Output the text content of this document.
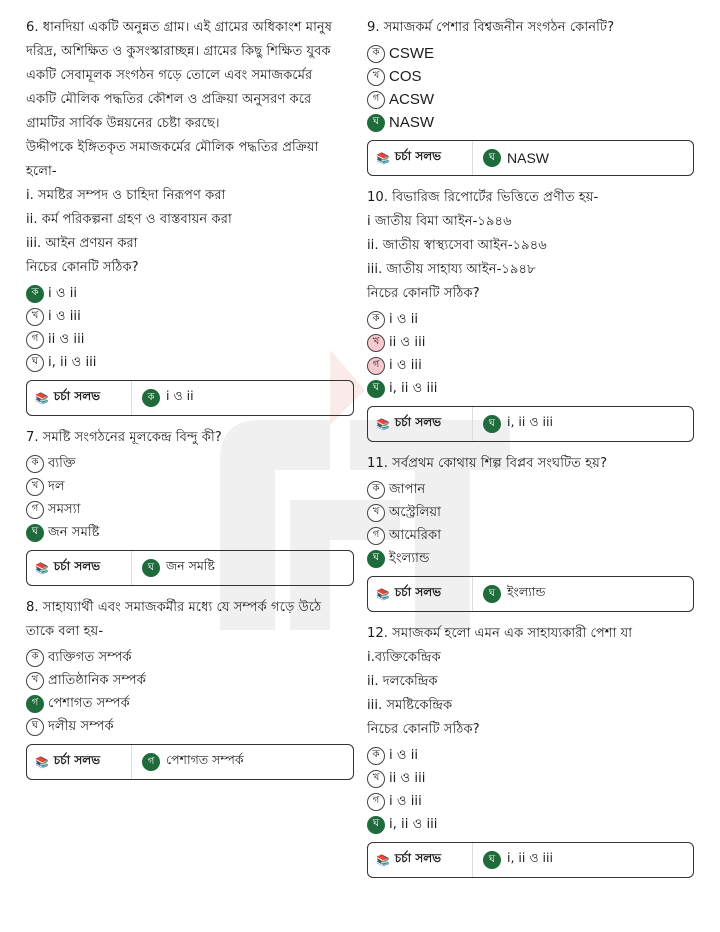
6. ধানদিয়া একটি অনুন্নত গ্রাম। এই গ্রামের অধিকাংশ মানুষ

দরিদ্র, অশিক্ষিত ও কুসংস্কারাচ্ছন্ন। গ্রামের কিছু শিক্ষিত যুবক

একটি সেবামূলক সংগঠন গড়ে তোলে এবং সমাজকর্মের

একটি মৌলিক পদ্ধতির কৌশল ও প্রক্রিয়া অনুসরণ করে

গ্রামটির সার্বিক উন্নয়নের চেষ্টা করছে।

উদ্দীপকে ইঙ্গিতকৃত সমাজকর্মের মৌলিক পদ্ধতির প্রক্রিয়া

হলো-

i. সমষ্টির সম্পদ ও চাহিদা নিরূপণ করা

ii. কর্ম পরিকল্পনা গ্রহণ ও বাস্তবায়ন করা

iii. আইন প্রণয়ন করা

নিচের কোনটি সঠিক?

ক i ও ii
খ i ও iii
গ ii ও iii
ঘ i, ii ও iii
📚 চর্চা সলভ	ক i ও ii

7. সমষ্টি সংগঠনের মূলকেন্দ্র বিন্দু কী?

ক ব্যক্তি
খ দল
গ সমস্যা
ঘ জন সমষ্টি
📚 চর্চা সলভ	ঘ জন সমষ্টি

8. সাহায্যার্থী এবং সমাজকর্মীর মধ্যে যে সম্পর্ক গড়ে উঠে

তাকে বলা হয়-

ক ব্যক্তিগত সম্পর্ক
খ প্রাতিষ্ঠানিক সম্পর্ক
গ পেশাগত সম্পর্ক
ঘ দলীয় সম্পর্ক
📚 চর্চা সলভ	গ পেশাগত সম্পর্ক

9. সমাজকর্ম পেশার বিশ্বজনীন সংগঠন কোনটি?

ক CSWE
খ COS
গ ACSW
ঘ NASW
📚 চর্চা সলভ	ঘ NASW

10. বিভারিজ রিপোর্টের ভিত্তিতে প্রণীত হয়-

i জাতীয় বিমা আইন-১৯৪৬

ii. জাতীয় স্বাস্থ্যসেবা আইন-১৯৪৬

iii. জাতীয় সাহায্য আইন-১৯৪৮

নিচের কোনটি সঠিক?

ক i ও ii
খ ii ও iii
গ i ও iii
ঘ i, ii ও iii
📚 চর্চা সলভ	ঘ i, ii ও iii

11. সর্বপ্রথম কোথায় শিল্প বিপ্লব সংঘটিত হয়?

ক জাপান
খ অস্ট্রেলিয়া
গ আমেরিকা
ঘ ইংল্যান্ড
📚 চর্চা সলভ	ঘ ইংল্যান্ড

12. সমাজকর্ম হলো এমন এক সাহায্যকারী পেশা যা

i.ব্যক্তিকেন্দ্রিক

ii. দলকেন্দ্রিক

iii. সমষ্টিকেন্দ্রিক

নিচের কোনটি সঠিক?

ক i ও ii
খ ii ও iii
গ i ও iii
ঘ i, ii ও iii
📚 চর্চা সলভ	ঘ i, ii ও iii
